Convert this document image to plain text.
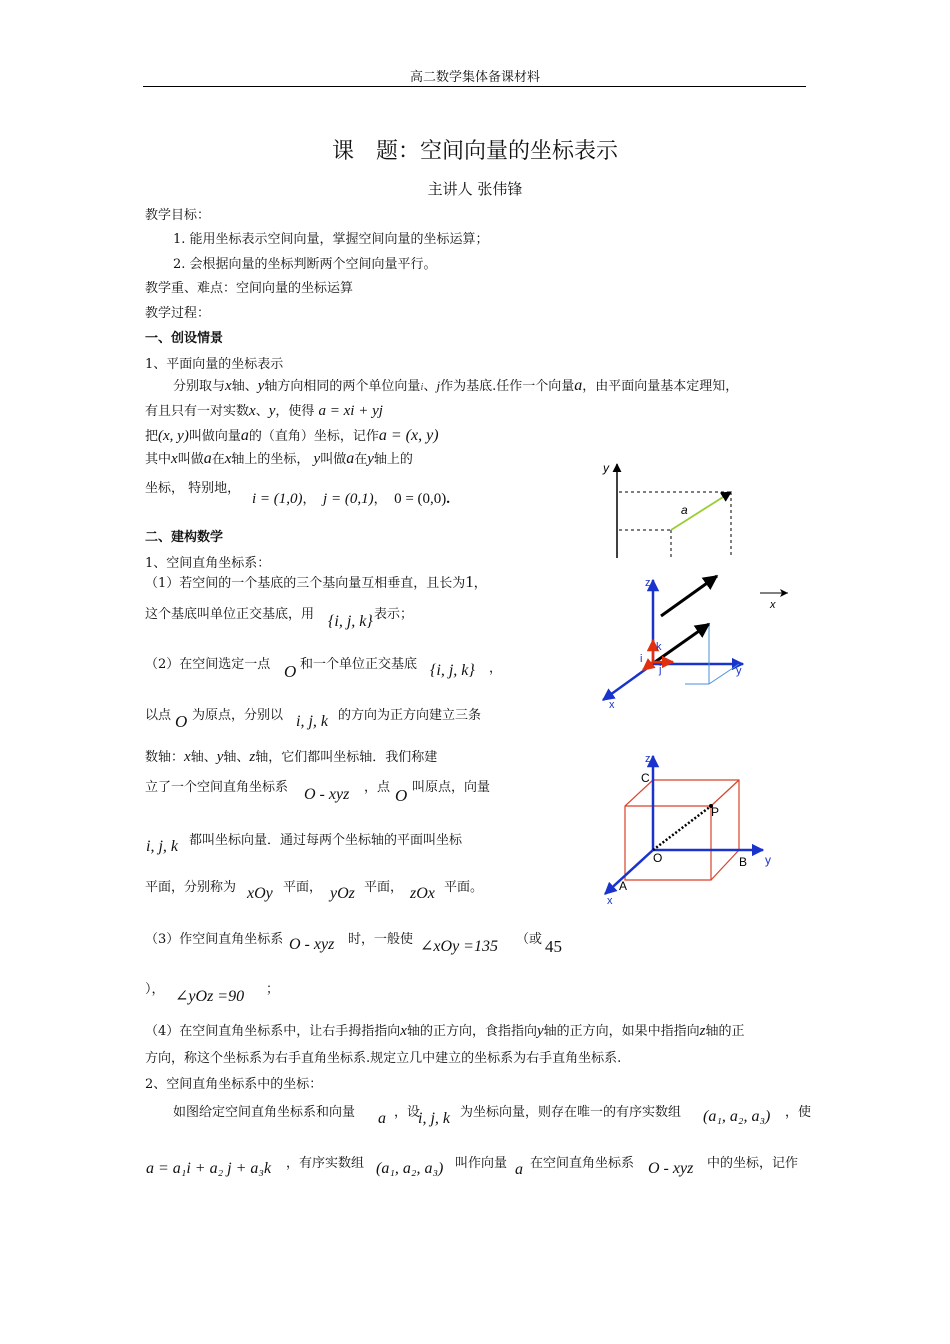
高二数学集体备课材料
课　题：空间向量的坐标表示
主讲人 张伟锋
教学目标：
1. 能用坐标表示空间向量，掌握空间向量的坐标运算；
2. 会根据向量的坐标判断两个空间向量平行。
教学重、难点：空间向量的坐标运算
教学过程：
一、创设情景
1、平面向量的坐标表示
分别取与x轴、y轴方向相同的两个单位向量i、j作为基底.任作一个向量a，由平面向量基本定理知，
有且只有一对实数x、y，使得 a = xi + yj
把(x, y)叫做向量a的（直角）坐标，记作a = (x, y)
其中x叫做a在x轴上的坐标， y叫做a在y轴上的
坐标， 特别地，
i = (1,0)， j = (0,1)， 0 = (0,0).
y
a
二、建构数学
1、空间直角坐标系：
（1）若空间的一个基底的三个基向量互相垂直，且长为1，
这个基底叫单位正交基底，用	表示；
{i, j, k}
（2）在空间选定一点 O 和一个单位正交基底 {i, j, k} ，
以点 O 为原点，分别以 i, j, k 的方向为正方向建立三条
数轴：x轴、y轴、z轴，它们都叫坐标轴．我们称建
立了一个空间直角坐标系 O - xyz ，点 O 叫原点，向量
i, j, k 都叫坐标向量．通过每两个坐标轴的平面叫坐标
平面，分别称为 xOy 平面， yOz 平面， zOx 平面。
（3）作空间直角坐标系 O - xyz 时，一般使 ∠xOy =135 （或 45
）， ∠yOz =90 ；
（4）在空间直角坐标系中，让右手拇指指向x轴的正方向，食指指向y轴的正方向，如果中指指向z轴的正
方向，称这个坐标系为右手直角坐标系.规定立几中建立的坐标系为右手直角坐标系.
2、空间直角坐标系中的坐标：
如图给定空间直角坐标系和向量 a ，设
i, j, k 为坐标向量，则存在唯一的有序实数组 (a₁, a₂, a₃) ，使
a = a₁i + a₂ j + a₃k ，有序实数组 (a₁, a₂, a₃) 叫作向量 a 在空间直角坐标系 O - xyz 中的坐标，记作
z
y
x
k
i
j
x
z
C
P
O	B y
A
x
